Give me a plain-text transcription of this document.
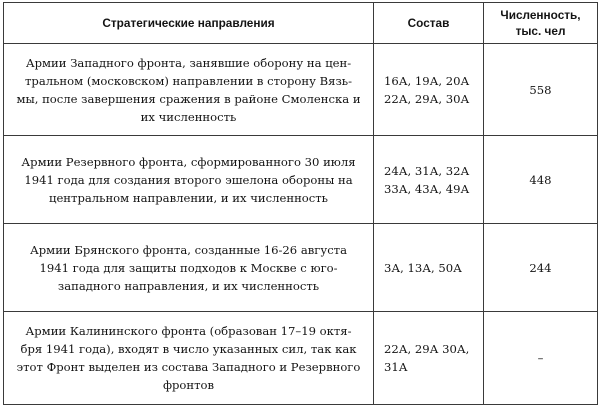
Стратегические направления	Состав	Численность,
тыс. чел

Армии Западного фронта, занявшие оборону на цен-
тральном (московском) направлении в сторону Вязь-
мы, после завершения сражения в районе Смоленска и
их численность	16А, 19А, 20А
22А, 29А, 30А	558

Армии Резервного фронта, сформированного 30 июля
1941 года для создания второго эшелона обороны на
центральном направлении, и их численность	24А, 31А, 32А
33А, 43А, 49А	448

Армии Брянского фронта, созданные 16-26 августа
1941 года для защиты подходов к Москве с юго-
западного направления, и их численность	3А, 13А, 50А	244

Армии Калининского фронта (образован 17–19 октя-
бря 1941 года), входят в число указанных сил, так как
этот Фронт выделен из состава Западного и Резервного
фронтов	22А, 29А 30А,
31А	–
